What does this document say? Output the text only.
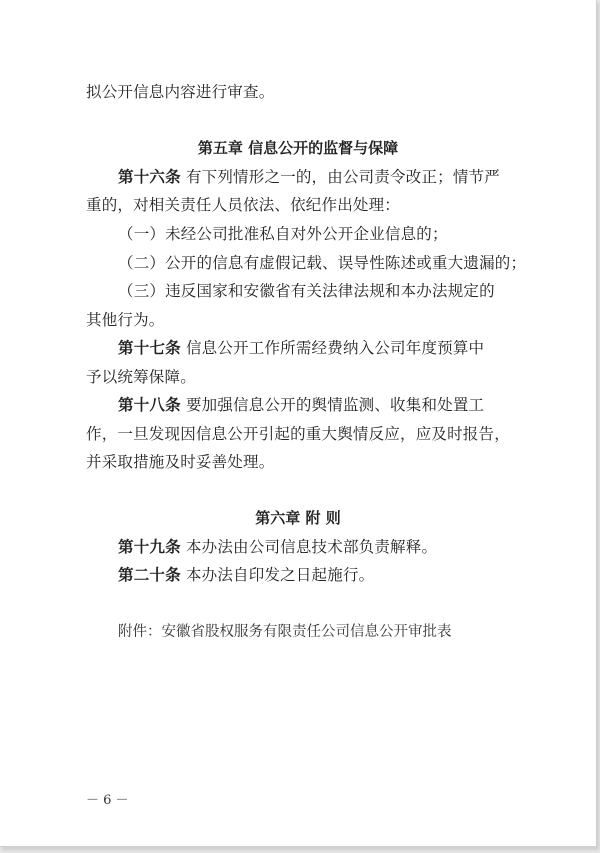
拟公开信息内容进行审查。
第五章 信息公开的监督与保障
第十六条 有下列情形之一的，由公司责令改正；情节严
重的，对相关责任人员依法、依纪作出处理：
（一）未经公司批准私自对外公开企业信息的；
（二）公开的信息有虚假记载、误导性陈述或重大遗漏的；
（三）违反国家和安徽省有关法律法规和本办法规定的
其他行为。
第十七条 信息公开工作所需经费纳入公司年度预算中
予以统筹保障。
第十八条 要加强信息公开的舆情监测、收集和处置工
作，一旦发现因信息公开引起的重大舆情反应，应及时报告，
并采取措施及时妥善处理。
第六章 附 则
第十九条 本办法由公司信息技术部负责解释。
第二十条 本办法自印发之日起施行。
附件：安徽省股权服务有限责任公司信息公开审批表
－ 6 －
